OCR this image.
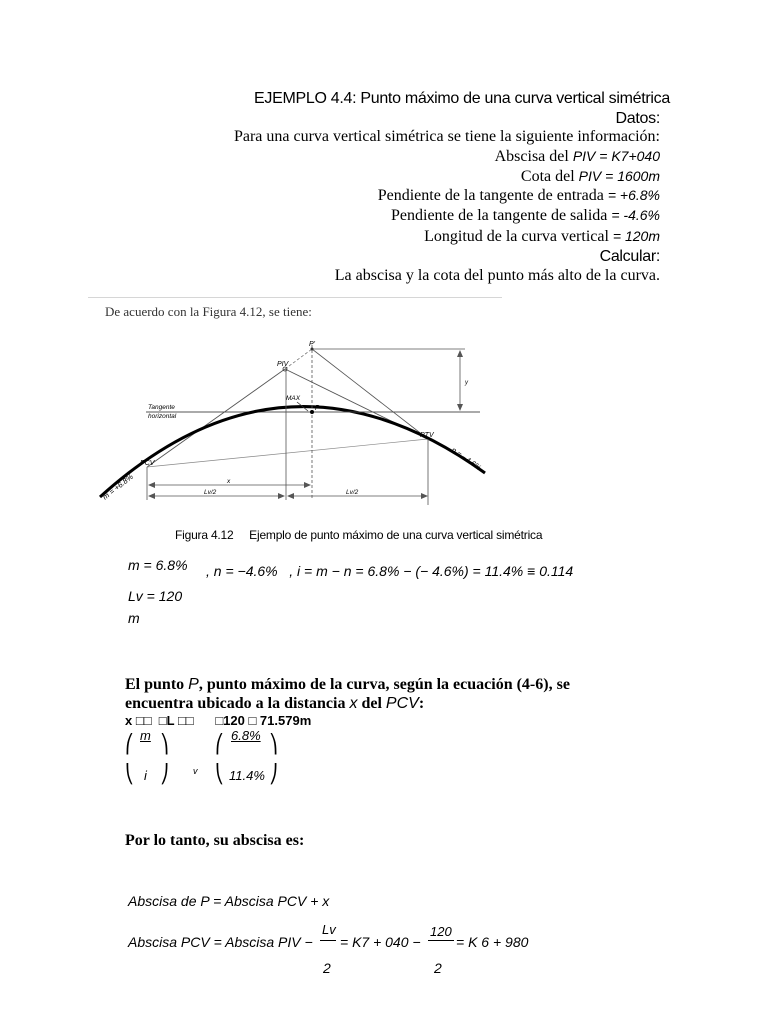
EJEMPLO 4.4: Punto máximo de una curva vertical simétrica
Datos:
Para una curva vertical simétrica se tiene la siguiente información:
Abscisa del PIV = K7+040
Cota del PIV = 1600m
Pendiente de la tangente de entrada = +6.8%
Pendiente de la tangente de salida = -4.6%
Longitud de la curva vertical = 120m
Calcular:
La abscisa y la cota del punto más alto de la curva.
De acuerdo con la Figura 4.12, se tiene:
PIV
P'
MAX
P
y
Tangente
horizontal
PTV
PCV
m = +6.8%
n = −4.6%
x
Lv/2	Lv/2
Figura 4.12     Ejemplo de punto máximo de una curva vertical simétrica
m = 6.8% , n = −4.6%   , i = m − n = 6.8% − (− 4.6%) = 11.4% ≡ 0.114
Lv = 120
m
El punto P, punto máximo de la curva, según la ecuación (4-6), se
encuentra ubicado a la distancia x del PCV:
x □□  □L □□      □120 □ 71.579m
⎛ m ⎞	⎛ 6.8% ⎞
⎝ i ⎠	v ⎝ 11.4% ⎠
Por lo tanto, su abscisa es:
Abscisa de P = Abscisa PCV + x
Abscisa PCV = Abscisa PIV −
Lv
= K7 + 040 −
120
= K 6 + 980
2	2
